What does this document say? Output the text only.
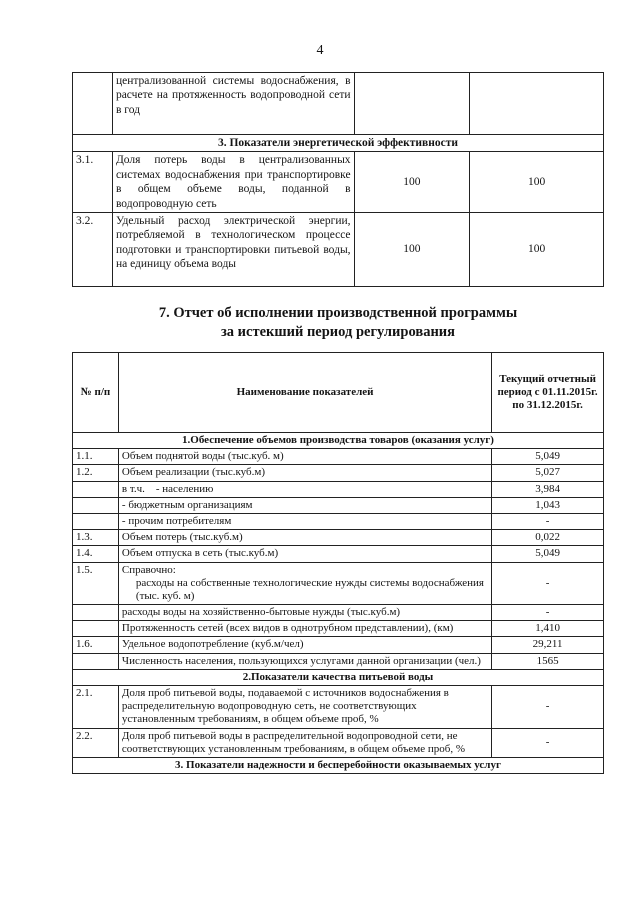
4
	централизованной системы водоснабжения, в расчете на протяженность водопроводной сети в год		
3. Показатели энергетической эффективности			
3.1.	Доля потерь воды в централизованных системах водоснабжения при транспортировке в общем объеме воды, поданной в водопроводную сеть	100	100
3.2.	Удельный расход электрической энергии, потребляемой в технологическом процессе подготовки и транспортировки питьевой воды, на единицу объема воды	100	100
7. Отчет об исполнении производственной программы
за истекший период регулирования
№ п/п	Наименование показателей	Текущий отчетный период с 01.11.2015г. по 31.12.2015г.
1.Обеспечение объемов производства товаров (оказания услуг)		
1.1.	Объем поднятой воды (тыс.куб. м)	5,049
1.2.	Объем реализации (тыс.куб.м)	5,027
	в т.ч.    - населению	3,984
	- бюджетным организациям	1,043
	- прочим потребителям	-
1.3.	Объем потерь (тыс.куб.м)	0,022
1.4.	Объем отпуска в сеть (тыс.куб.м)	5,049
1.5.	Справочно:
расходы на собственные технологические нужды системы водоснабжения (тыс. куб. м)	-
	расходы воды на хозяйственно-бытовые нужды (тыс.куб.м)	-
	Протяженность сетей (всех видов в однотрубном представлении), (км)	1,410
1.6.	Удельное водопотребление (куб.м/чел)	29,211
	Численность населения, пользующихся услугами данной организации (чел.)	1565
2.Показатели качества питьевой воды		
2.1.	Доля проб питьевой воды, подаваемой с источников водоснабжения в распределительную водопроводную сеть, не соответствующих установленным требованиям, в общем объеме проб, %	-
2.2.	Доля проб питьевой воды в распределительной водопроводной сети, не соответствующих установленным требованиям, в общем объеме проб, %	-
3. Показатели надежности и бесперебойности оказываемых услуг		
